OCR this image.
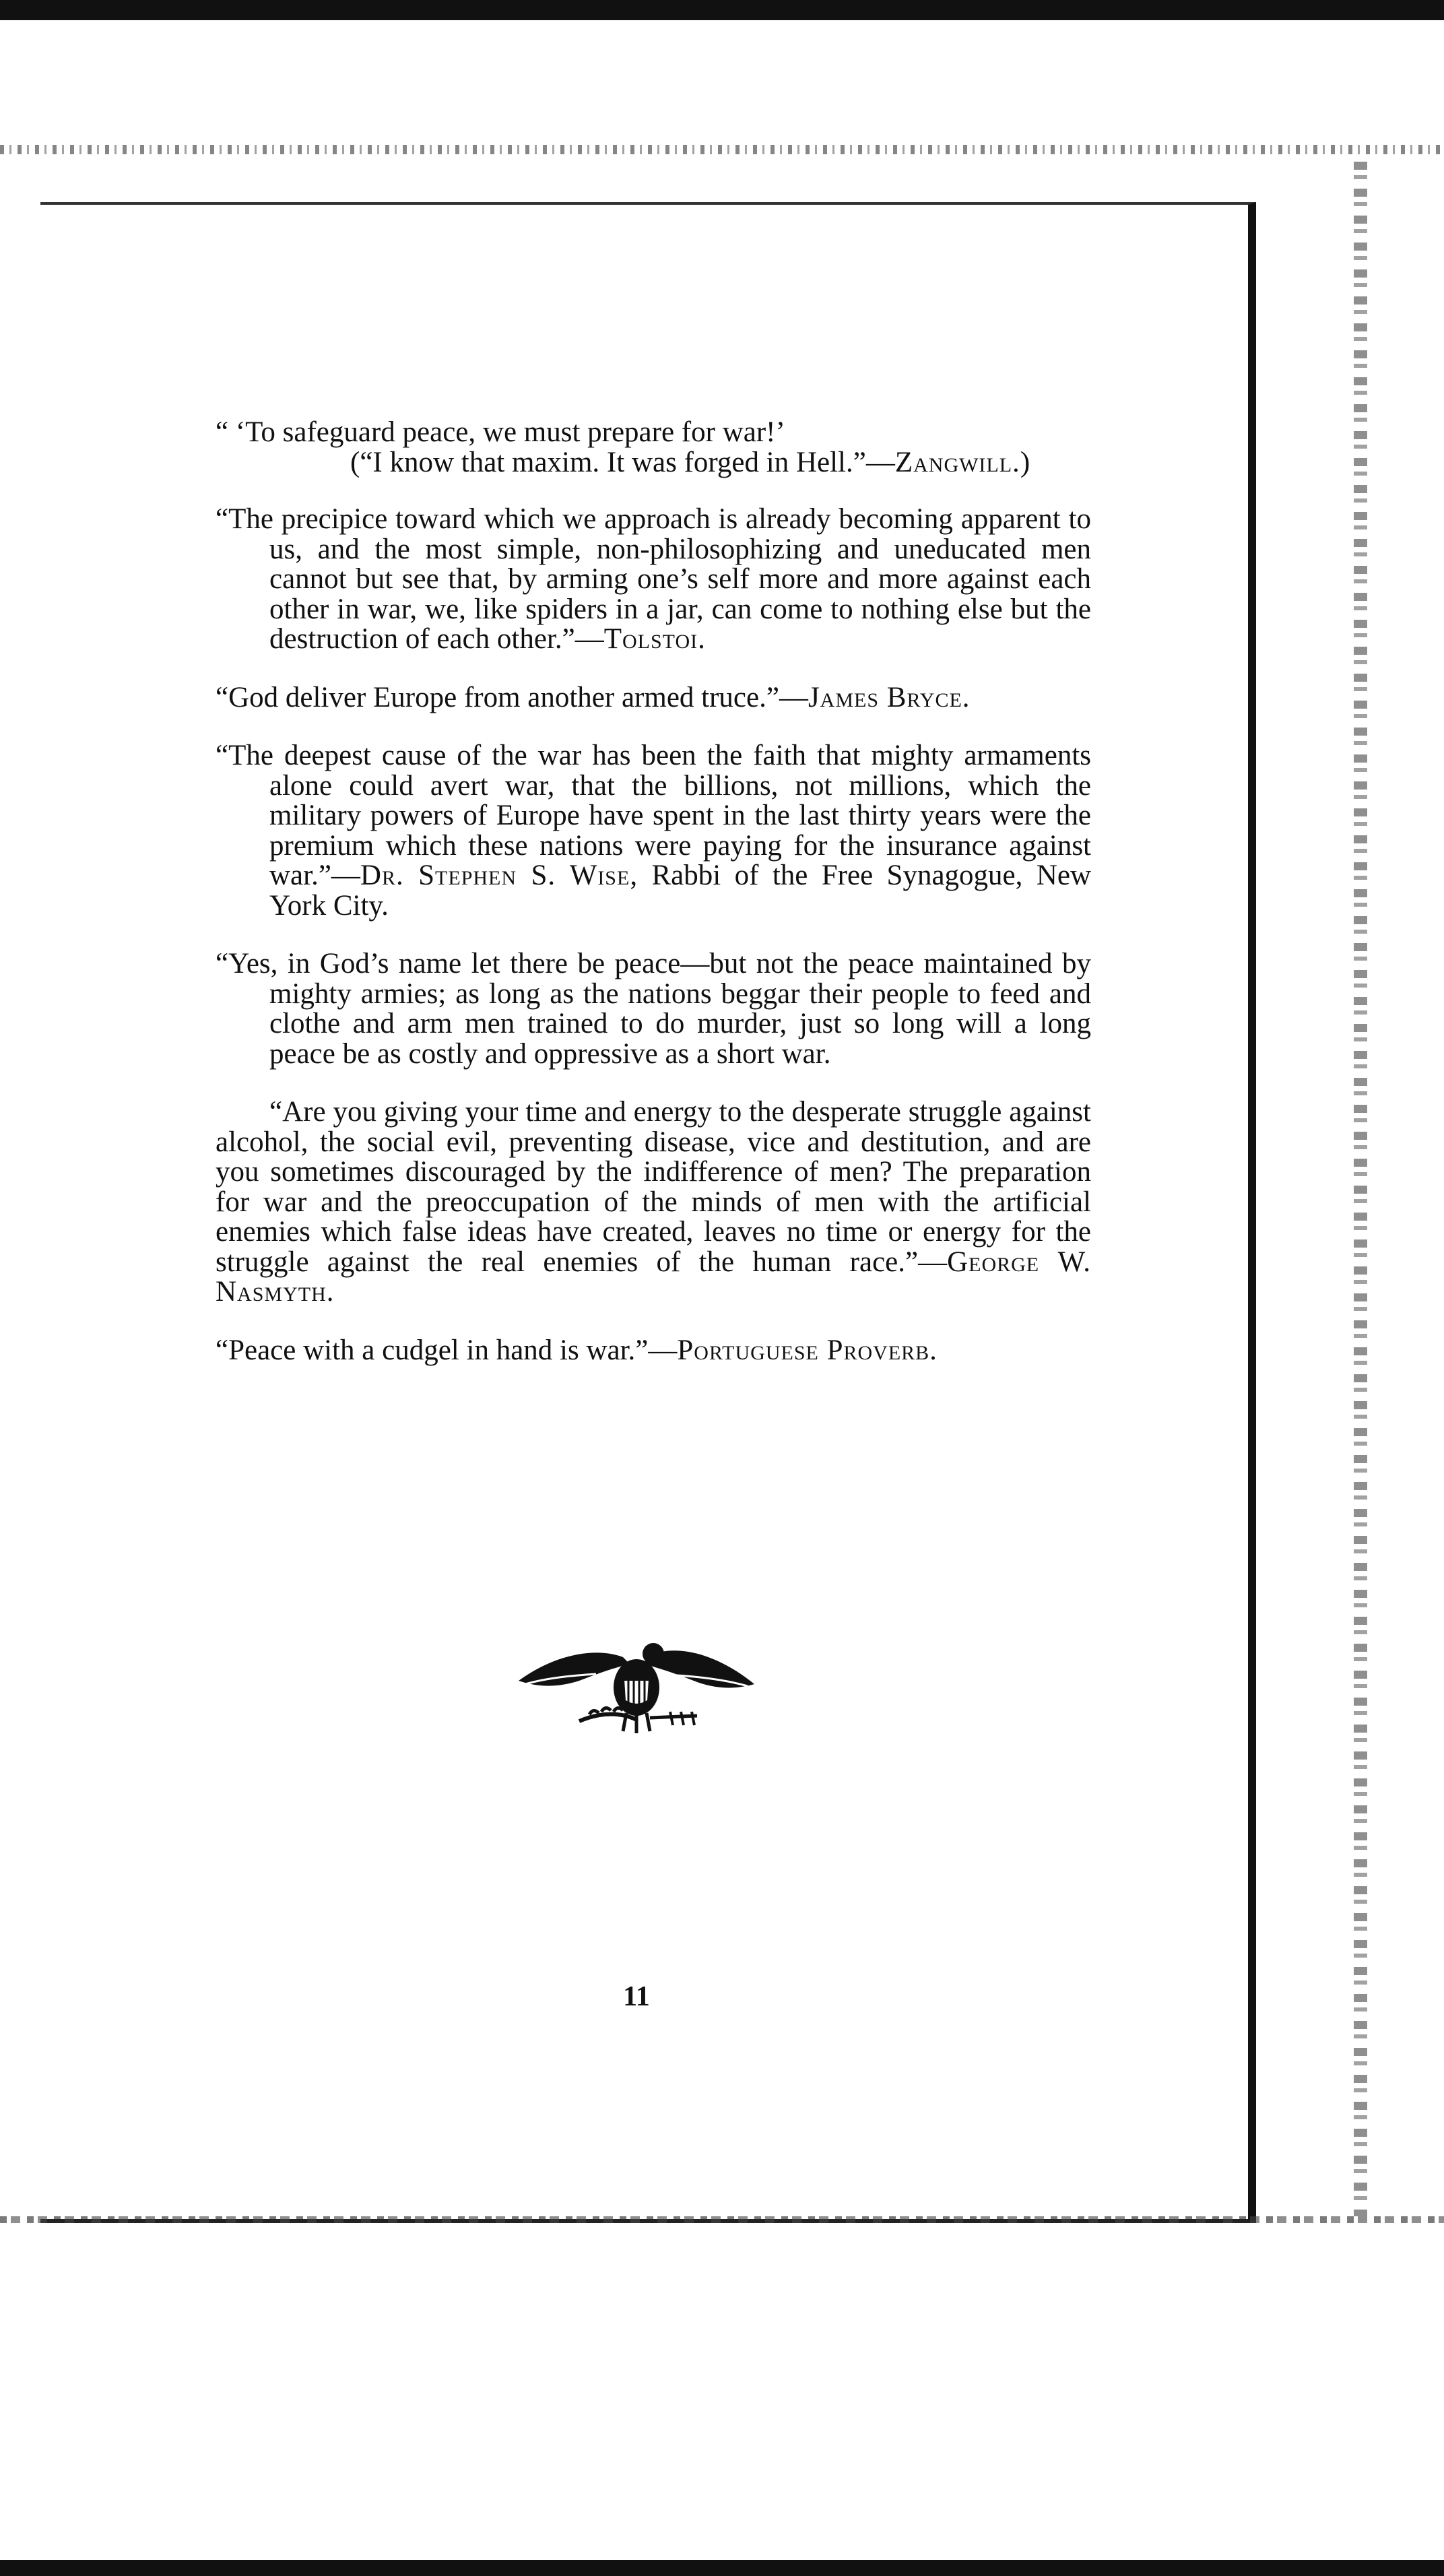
“ ‘To safeguard peace, we must prepare for war!’
(“I know that maxim. It was forged in Hell.”—Zangwill.)

“The precipice toward which we approach is already becoming apparent to us, and the most simple, non-philosophizing and uneducated men cannot but see that, by arming one’s self more and more against each other in war, we, like spiders in a jar, can come to nothing else but the destruction of each other.”—Tolstoi.

“God deliver Europe from another armed truce.”—James Bryce.

“The deepest cause of the war has been the faith that mighty armaments alone could avert war, that the billions, not millions, which the military powers of Europe have spent in the last thirty years were the premium which these nations were paying for the insurance against war.”—Dr. Stephen S. Wise, Rabbi of the Free Synagogue, New York City.

“Yes, in God’s name let there be peace—but not the peace maintained by mighty armies; as long as the nations beggar their people to feed and clothe and arm men trained to do murder, just so long will a long peace be as costly and oppressive as a short war.

“Are you giving your time and energy to the desperate struggle against alcohol, the social evil, preventing disease, vice and destitution, and are you sometimes discouraged by the indifference of men? The preparation for war and the preoccupation of the minds of men with the artificial enemies which false ideas have created, leaves no time or energy for the struggle against the real enemies of the human race.”—George W. Nasmyth.

“Peace with a cudgel in hand is war.”—Portuguese Proverb.

11
